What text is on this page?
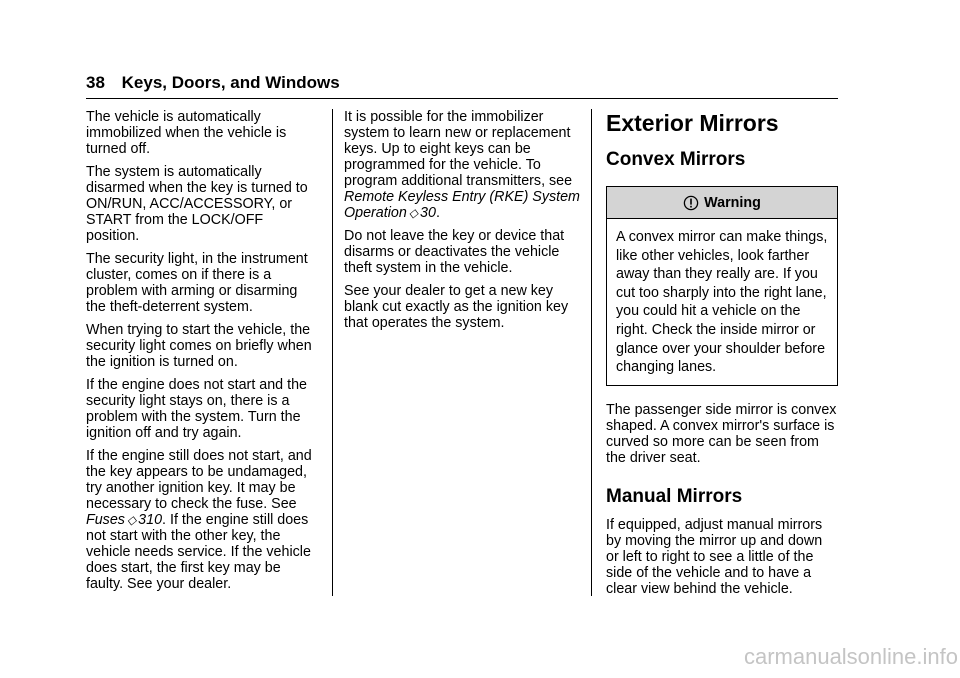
38 Keys, Doors, and Windows

The vehicle is automatically immobilized when the vehicle is turned off.

The system is automatically disarmed when the key is turned to ON/RUN, ACC/ACCESSORY, or START from the LOCK/OFF position.

The security light, in the instrument cluster, comes on if there is a problem with arming or disarming the theft-deterrent system.

When trying to start the vehicle, the security light comes on briefly when the ignition is turned on.

If the engine does not start and the security light stays on, there is a problem with the system. Turn the ignition off and try again.

If the engine still does not start, and the key appears to be undamaged, try another ignition key. It may be necessary to check the fuse. See Fuses ◇ 310. If the engine still does not start with the other key, the vehicle needs service. If the vehicle does start, the first key may be faulty. See your dealer.

It is possible for the immobilizer system to learn new or replacement keys. Up to eight keys can be programmed for the vehicle. To program additional transmitters, see Remote Keyless Entry (RKE) System Operation ◇ 30.

Do not leave the key or device that disarms or deactivates the vehicle theft system in the vehicle.

See your dealer to get a new key blank cut exactly as the ignition key that operates the system.

Exterior Mirrors
Convex Mirrors
Warning
A convex mirror can make things, like other vehicles, look farther away than they really are. If you cut too sharply into the right lane, you could hit a vehicle on the right. Check the inside mirror or glance over your shoulder before changing lanes.

The passenger side mirror is convex shaped. A convex mirror's surface is curved so more can be seen from the driver seat.

Manual Mirrors

If equipped, adjust manual mirrors by moving the mirror up and down or left to right to see a little of the side of the vehicle and to have a clear view behind the vehicle.

carmanualsonline.info
